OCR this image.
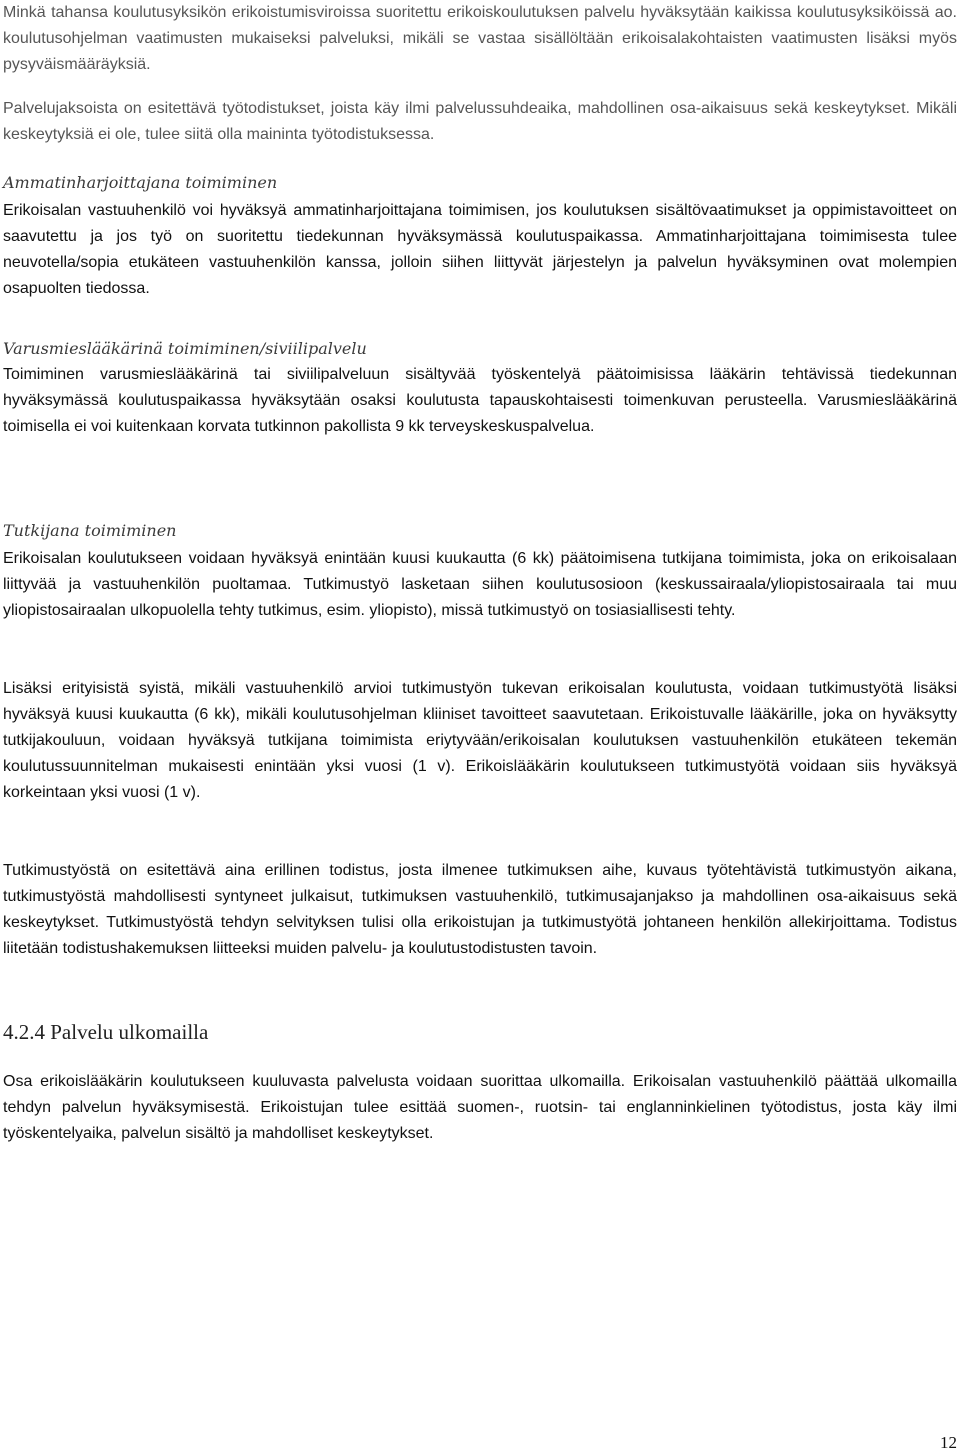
Minkä tahansa koulutusyksikön erikoistumisviroissa suoritettu erikoiskoulutuksen palvelu hyväksytään kaikissa koulutusyksiköissä ao. koulutusohjelman vaatimusten mukaiseksi palveluksi, mikäli se vastaa sisällöltään erikoisalakohtaisten vaatimusten lisäksi myös pysyväismääräyksiä.

Palvelujaksoista on esitettävä työtodistukset, joista käy ilmi palvelussuhdeaika, mahdollinen osa-aikaisuus sekä keskeytykset. Mikäli keskeytyksiä ei ole, tulee siitä olla maininta työtodistuksessa.

Ammatinharjoittajana toimiminen

Erikoisalan vastuuhenkilö voi hyväksyä ammatinharjoittajana toimimisen, jos koulutuksen sisältövaatimukset ja oppimistavoitteet on saavutettu ja jos työ on suoritettu tiedekunnan hyväksymässä koulutuspaikassa. Ammatinharjoittajana toimimisesta tulee neuvotella/sopia etukäteen vastuuhenkilön kanssa, jolloin siihen liittyvät järjestelyn ja palvelun hyväksyminen ovat molempien osapuolten tiedossa.

Varusmieslääkärinä toimiminen/siviilipalvelu

Toimiminen varusmieslääkärinä tai siviilipalveluun sisältyvää työskentelyä päätoimisissa lääkärin tehtävissä tiedekunnan hyväksymässä koulutuspaikassa hyväksytään osaksi koulutusta tapauskohtaisesti toimenkuvan perusteella. Varusmieslääkärinä toimisella ei voi kuitenkaan korvata tutkinnon pakollista 9 kk terveyskeskuspalvelua.

Tutkijana toimiminen

Erikoisalan koulutukseen voidaan hyväksyä enintään kuusi kuukautta (6 kk) päätoimisena tutkijana toimimista, joka on erikoisalaan liittyvää ja vastuuhenkilön puoltamaa. Tutkimustyö lasketaan siihen koulutusosioon (keskussairaala/yliopistosairaala tai muu yliopistosairaalan ulkopuolella tehty tutkimus, esim. yliopisto), missä tutkimustyö on tosiasiallisesti tehty.

Lisäksi erityisistä syistä, mikäli vastuuhenkilö arvioi tutkimustyön tukevan erikoisalan koulutusta, voidaan tutkimustyötä lisäksi hyväksyä kuusi kuukautta (6 kk), mikäli koulutusohjelman kliiniset tavoitteet saavutetaan. Erikoistuvalle lääkärille, joka on hyväksytty tutkijakouluun, voidaan hyväksyä tutkijana toimimista eriytyvään/erikoisalan koulutuksen vastuuhenkilön etukäteen tekemän koulutussuunnitelman mukaisesti enintään yksi vuosi (1 v). Erikoislääkärin koulutukseen tutkimustyötä voidaan siis hyväksyä korkeintaan yksi vuosi (1 v).

Tutkimustyöstä on esitettävä aina erillinen todistus, josta ilmenee tutkimuksen aihe, kuvaus työtehtävistä tutkimustyön aikana, tutkimustyöstä mahdollisesti syntyneet julkaisut, tutkimuksen vastuuhenkilö, tutkimusajanjakso ja mahdollinen osa-aikaisuus sekä keskeytykset. Tutkimustyöstä tehdyn selvityksen tulisi olla erikoistujan ja tutkimustyötä johtaneen henkilön allekirjoittama. Todistus liitetään todistushakemuksen liitteeksi muiden palvelu- ja koulutustodistusten tavoin.

4.2.4 Palvelu ulkomailla

Osa erikoislääkärin koulutukseen kuuluvasta palvelusta voidaan suorittaa ulkomailla. Erikoisalan vastuuhenkilö päättää ulkomailla tehdyn palvelun hyväksymisestä. Erikoistujan tulee esittää suomen-, ruotsin- tai englanninkielinen työtodistus, josta käy ilmi työskentelyaika, palvelun sisältö ja mahdolliset keskeytykset.

12
